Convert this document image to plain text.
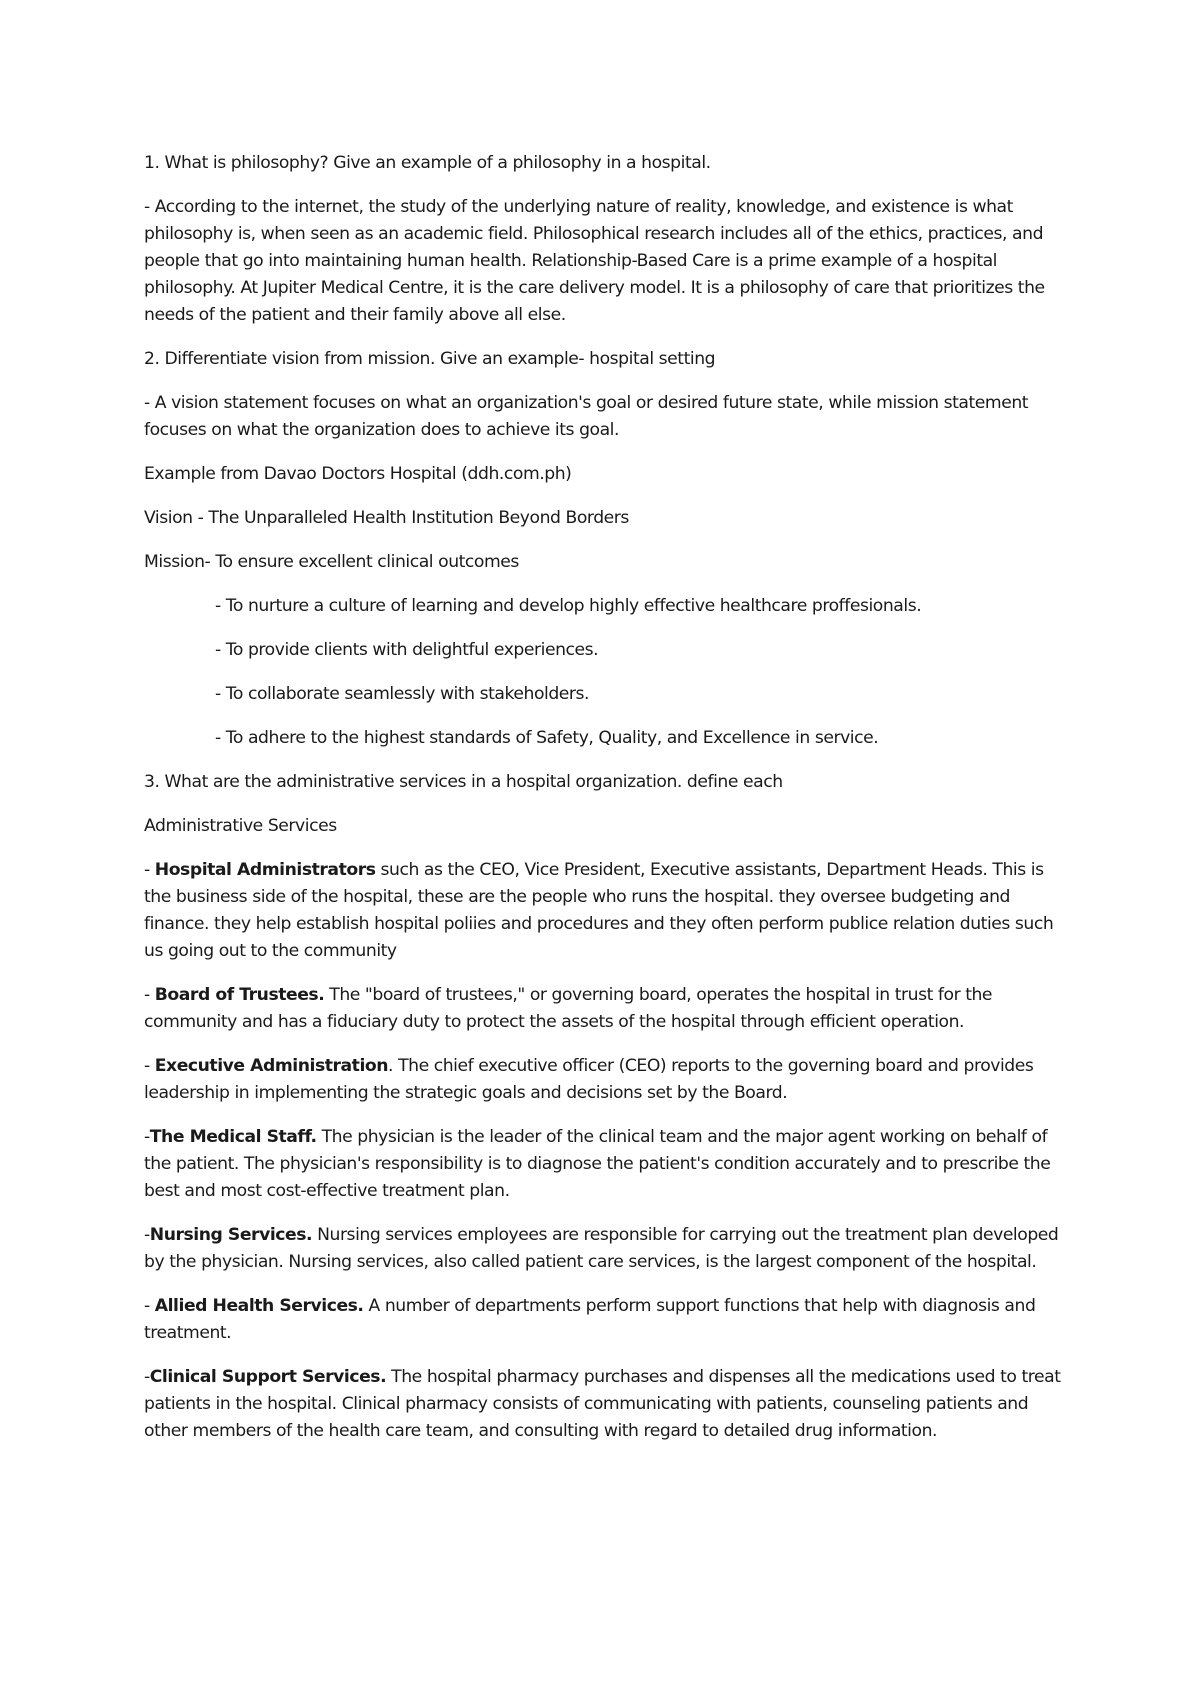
1. What is philosophy? Give an example of a philosophy in a hospital.

- According to the internet, the study of the underlying nature of reality, knowledge, and existence is what philosophy is, when seen as an academic field. Philosophical research includes all of the ethics, practices, and people that go into maintaining human health. Relationship-Based Care is a prime example of a hospital philosophy. At Jupiter Medical Centre, it is the care delivery model. It is a philosophy of care that prioritizes the needs of the patient and their family above all else.

2. Differentiate vision from mission. Give an example- hospital setting

- A vision statement focuses on what an organization's goal or desired future state, while mission statement focuses on what the organization does to achieve its goal.

Example from Davao Doctors Hospital (ddh.com.ph)

Vision - The Unparalleled Health Institution Beyond Borders

Mission- To ensure excellent clinical outcomes

- To nurture a culture of learning and develop highly effective healthcare proffesionals.

- To provide clients with delightful experiences.

- To collaborate seamlessly with stakeholders.

- To adhere to the highest standards of Safety, Quality, and Excellence in service.

3. What are the administrative services in a hospital organization. define each

Administrative Services

- Hospital Administrators such as the CEO, Vice President, Executive assistants, Department Heads. This is the business side of the hospital, these are the people who runs the hospital. they oversee budgeting and finance. they help establish hospital poliies and procedures and they often perform publice relation duties such us going out to the community

- Board of Trustees. The "board of trustees," or governing board, operates the hospital in trust for the community and has a fiduciary duty to protect the assets of the hospital through efficient operation.

- Executive Administration. The chief executive officer (CEO) reports to the governing board and provides leadership in implementing the strategic goals and decisions set by the Board.

-The Medical Staff. The physician is the leader of the clinical team and the major agent working on behalf of the patient. The physician's responsibility is to diagnose the patient's condition accurately and to prescribe the best and most cost-effective treatment plan.

-Nursing Services. Nursing services employees are responsible for carrying out the treatment plan developed by the physician. Nursing services, also called patient care services, is the largest component of the hospital.

- Allied Health Services. A number of departments perform support functions that help with diagnosis and treatment.

-Clinical Support Services. The hospital pharmacy purchases and dispenses all the medications used to treat patients in the hospital. Clinical pharmacy consists of communicating with patients, counseling patients and other members of the health care team, and consulting with regard to detailed drug information.
